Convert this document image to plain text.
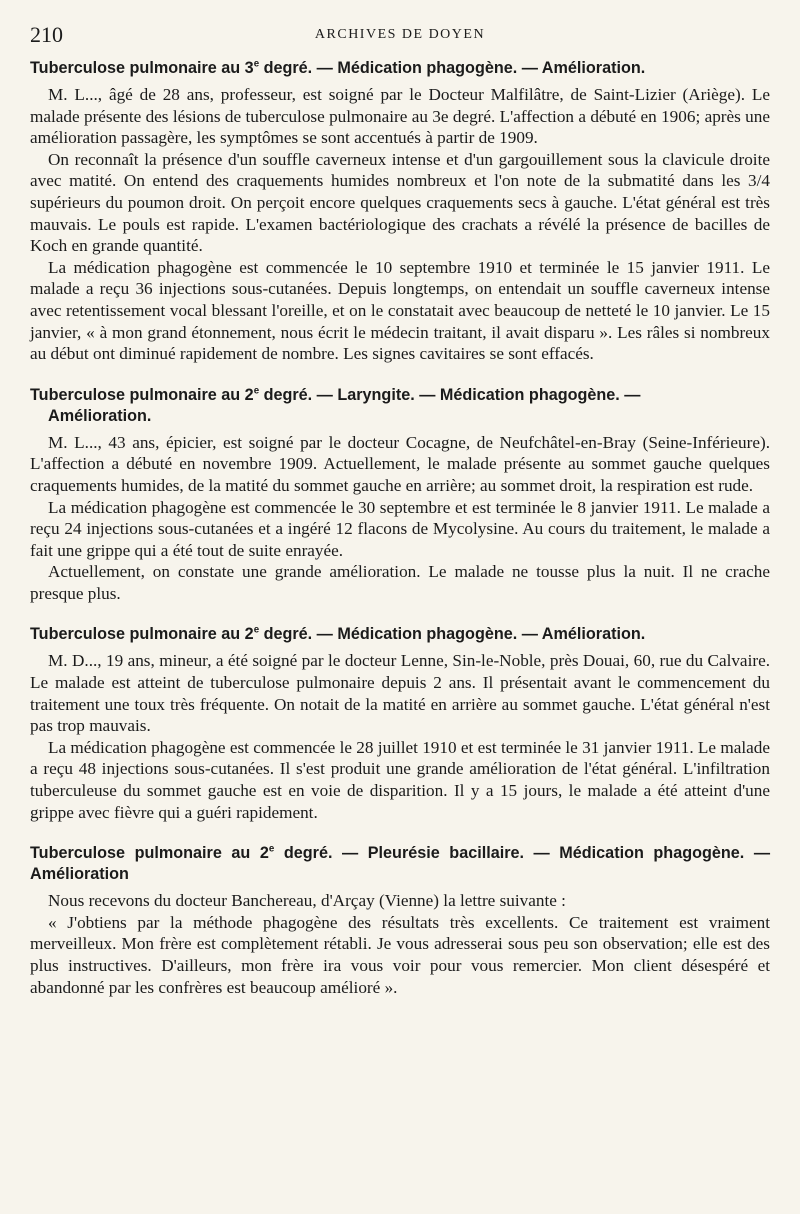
210	ARCHIVES DE DOYEN
Tuberculose pulmonaire au 3e degré. — Médication phagogène. — Amélioration.

M. L..., âgé de 28 ans, professeur, est soigné par le Docteur Malfilâtre, de Saint-Lizier (Ariège). Le malade présente des lésions de tuberculose pulmonaire au 3e degré. L'affection a débuté en 1906; après une amélioration passagère, les symptômes se sont accentués à partir de 1909.

On reconnaît la présence d'un souffle caverneux intense et d'un gargouillement sous la clavicule droite avec matité. On entend des craquements humides nombreux et l'on note de la submatité dans les 3/4 supérieurs du poumon droit. On perçoit encore quelques craquements secs à gauche. L'état général est très mauvais. Le pouls est rapide. L'examen bactériologique des crachats a révélé la présence de bacilles de Koch en grande quantité.

La médication phagogène est commencée le 10 septembre 1910 et terminée le 15 janvier 1911. Le malade a reçu 36 injections sous-cutanées. Depuis longtemps, on entendait un souffle caverneux intense avec retentissement vocal blessant l'oreille, et on le constatait avec beaucoup de netteté le 10 janvier. Le 15 janvier, « à mon grand étonnement, nous écrit le médecin traitant, il avait disparu ». Les râles si nombreux au début ont diminué rapidement de nombre. Les signes cavitaires se sont effacés.

Tuberculose pulmonaire au 2e degré. — Laryngite. — Médication phagogène. —
Amélioration.

M. L..., 43 ans, épicier, est soigné par le docteur Cocagne, de Neufchâtel-en-Bray (Seine-Inférieure). L'affection a débuté en novembre 1909. Actuellement, le malade présente au sommet gauche quelques craquements humides, de la matité du sommet gauche en arrière; au sommet droit, la respiration est rude.

La médication phagogène est commencée le 30 septembre et est terminée le 8 janvier 1911. Le malade a reçu 24 injections sous-cutanées et a ingéré 12 flacons de Mycolysine. Au cours du traitement, le malade a fait une grippe qui a été tout de suite enrayée.

Actuellement, on constate une grande amélioration. Le malade ne tousse plus la nuit. Il ne crache presque plus.

Tuberculose pulmonaire au 2e degré. — Médication phagogène. — Amélioration.

M. D..., 19 ans, mineur, a été soigné par le docteur Lenne, Sin-le-Noble, près Douai, 60, rue du Calvaire. Le malade est atteint de tuberculose pulmonaire depuis 2 ans. Il présentait avant le commencement du traitement une toux très fréquente. On notait de la matité en arrière au sommet gauche. L'état général n'est pas trop mauvais.

La médication phagogène est commencée le 28 juillet 1910 et est terminée le 31 janvier 1911. Le malade a reçu 48 injections sous-cutanées. Il s'est produit une grande amélioration de l'état général. L'infiltration tuberculeuse du sommet gauche est en voie de disparition. Il y a 15 jours, le malade a été atteint d'une grippe avec fièvre qui a guéri rapidement.

Tuberculose pulmonaire au 2e degré. — Pleurésie bacillaire. — Médication phagogène. — Amélioration

Nous recevons du docteur Banchereau, d'Arçay (Vienne) la lettre suivante :

« J'obtiens par la méthode phagogène des résultats très excellents. Ce traitement est vraiment merveilleux. Mon frère est complètement rétabli. Je vous adresserai sous peu son observation; elle est des plus instructives. D'ailleurs, mon frère ira vous voir pour vous remercier. Mon client désespéré et abandonné par les confrères est beaucoup amélioré ».
